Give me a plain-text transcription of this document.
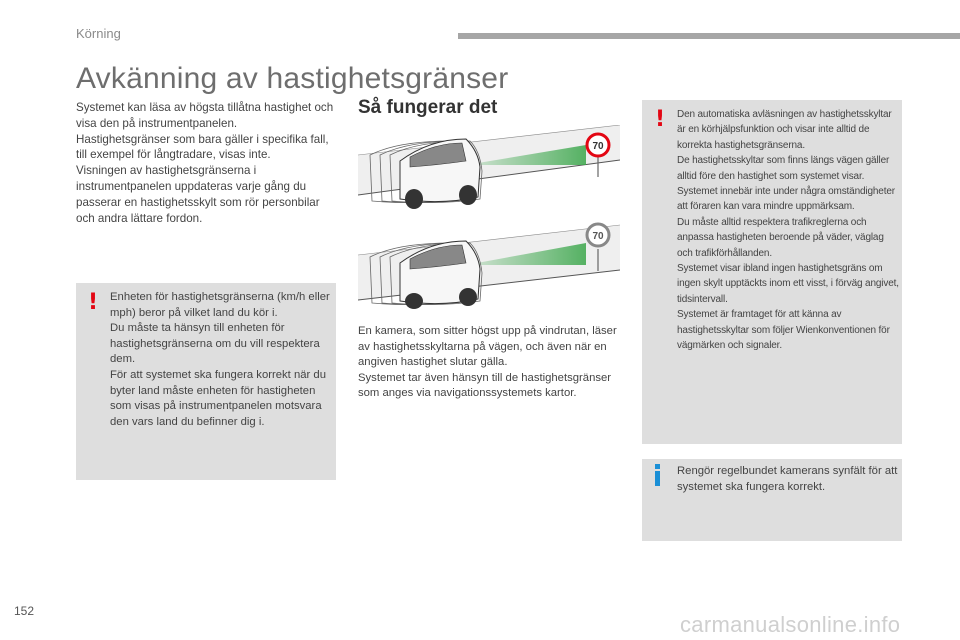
Körning
Avkänning av hastighetsgränser
Systemet kan läsa av högsta tillåtna hastighet och visa den på instrumentpanelen.
Hastighetsgränser som bara gäller i specifika fall, till exempel för långtradare, visas inte.
Visningen av hastighetsgränserna i instrumentpanelen uppdateras varje gång du passerar en hastighetsskylt som rör personbilar och andra lättare fordon.
! Enheten för hastighetsgränserna (km/h eller mph) beror på vilket land du kör i.
Du måste ta hänsyn till enheten för hastighetsgränserna om du vill respektera dem.
För att systemet ska fungera korrekt när du byter land måste enheten för hastigheten som visas på instrumentpanelen motsvara den vars land du befinner dig i.
Så fungerar det
70
70
En kamera, som sitter högst upp på vindrutan, läser av hastighetsskyltarna på vägen, och även när en angiven hastighet slutar gälla.
Systemet tar även hänsyn till de hastighetsgränser som anges via navigationssystemets kartor.
! Den automatiska avläsningen av hastighetsskyltar är en körhjälpsfunktion och visar inte alltid de korrekta hastighetsgränserna.
De hastighetsskyltar som finns längs vägen gäller alltid före den hastighet som systemet visar.
Systemet innebär inte under några omständigheter att föraren kan vara mindre uppmärksam.
Du måste alltid respektera trafikreglerna och anpassa hastigheten beroende på väder, väglag och trafikförhållanden.
Systemet visar ibland ingen hastighetsgräns om ingen skylt upptäckts inom ett visst, i förväg angivet, tidsintervall.
Systemet är framtaget för att känna av hastighetsskyltar som följer Wienkonventionen för vägmärken och signaler.
Rengör regelbundet kamerans synfält för att systemet ska fungera korrekt.
152
carmanualsonline.info
